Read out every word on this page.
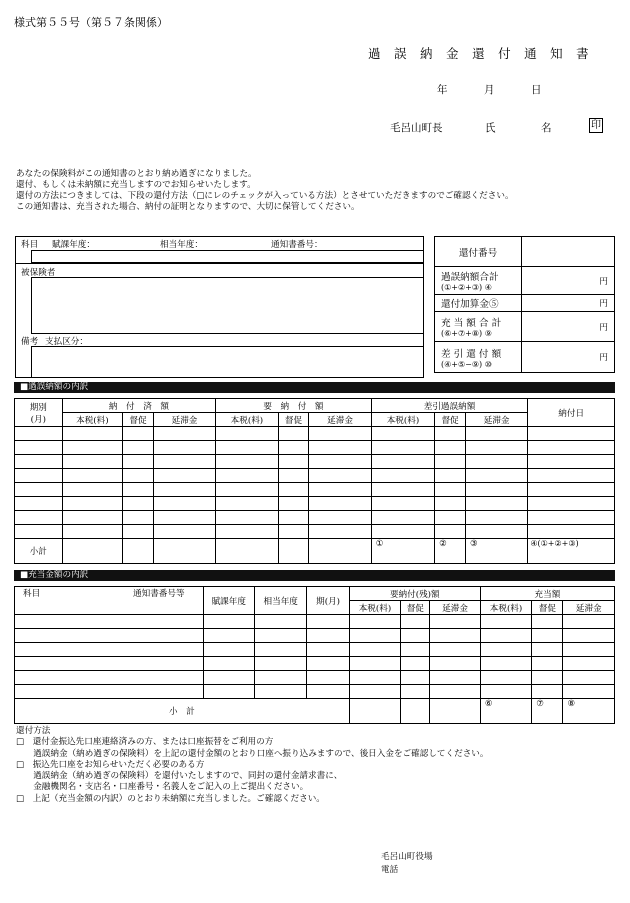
様式第５５号（第５７条関係）
過 誤 納 金 還 付 通 知 書
年	月	日
毛呂山町長	氏	名	印
あなたの保険料がこの通知書のとおり納め過ぎになりました。
還付、もしくは未納額に充当しますのでお知らせいたします。
還付の方法につきましては、下段の還付方法（□にレのチェックが入っている方法）とさせていただきますのでご確認ください。
この通知書は、充当された場合、納付の証明となりますので、大切に保管してください。
科目 賦課年度：	相当年度：	通知書番号：
被保険者
備考 支払区分：
還付番号	

過誤納額合計
(①+②+③) ④	円

還付加算金⑤	円

充 当 額 合 計
(⑥+⑦+⑧) ⑨	円

差 引 還 付 額
(④+⑤−⑨) ⑩	円
■過誤納額の内訳
期別
(月)	納　付　済　額			要　納　付　額			差引過誤納額			納付日
	本税(料)	督促	延滞金	本税(料)	督促	延滞金	本税(料)	督促	延滞金	

小計							①	②	③	④(①+②+③)
■充当金額の内訳
科目 通知書番号等	賦課年度	相当年度	期(月)	要納付(残)額			充当額		
				本税(料)	督促	延滞金	本税(料)	督促	延滞金

小　計							⑥	⑦	⑧
還付方法
□　還付金振込先口座連絡済みの方、または口座振替をご利用の方
　　過誤納金（納め過ぎの保険料）を上記の還付金額のとおり口座へ振り込みますので、後日入金をご確認してください。
□　振込先口座をお知らせいただく必要のある方
　　過誤納金（納め過ぎの保険料）を還付いたしますので、同封の還付金請求書に、
　　金融機関名・支店名・口座番号・名義人をご記入の上ご提出ください。
□　上記（充当金額の内訳）のとおり未納額に充当しました。ご確認ください。
毛呂山町役場
電話
